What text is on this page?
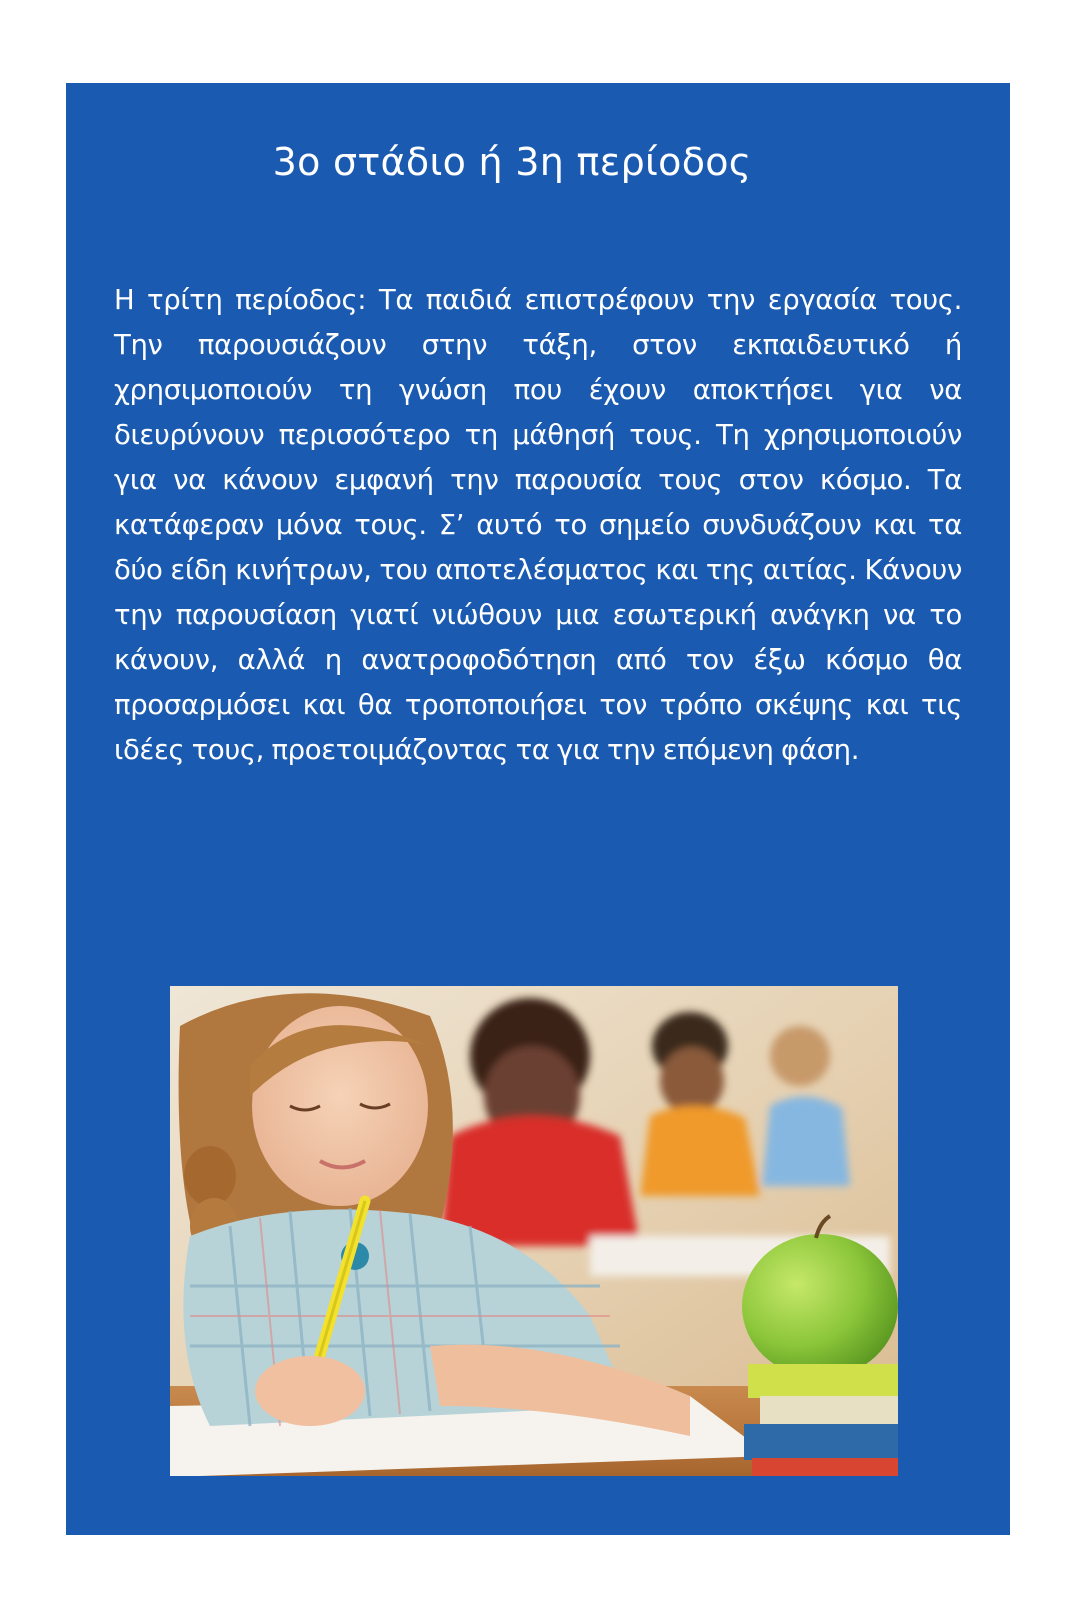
3ο στάδιο ή 3η περίοδος

Η τρίτη περίοδος: Τα παιδιά επιστρέφουν την εργασία τους. Την παρουσιάζουν στην τάξη, στον εκπαιδευτικό ή χρησιμοποιούν τη γνώση που έχουν αποκτήσει για να διευρύνουν περισσότερο τη μάθησή τους. Τη χρησιμοποιούν για να κάνουν εμφανή την παρουσία τους στον κόσμο. Τα κατάφεραν μόνα τους. Σ’ αυτό το σημείο συνδυάζουν και τα δύο είδη κινήτρων, του αποτελέσματος και της αιτίας. Κάνουν την παρουσίαση γιατί νιώθουν μια εσωτερική ανάγκη να το κάνουν, αλλά η ανατροφοδότηση από τον έξω κόσμο θα προσαρμόσει και θα τροποποιήσει τον τρόπο σκέψης και τις ιδέες τους, προετοιμάζοντας τα για την επόμενη φάση.
